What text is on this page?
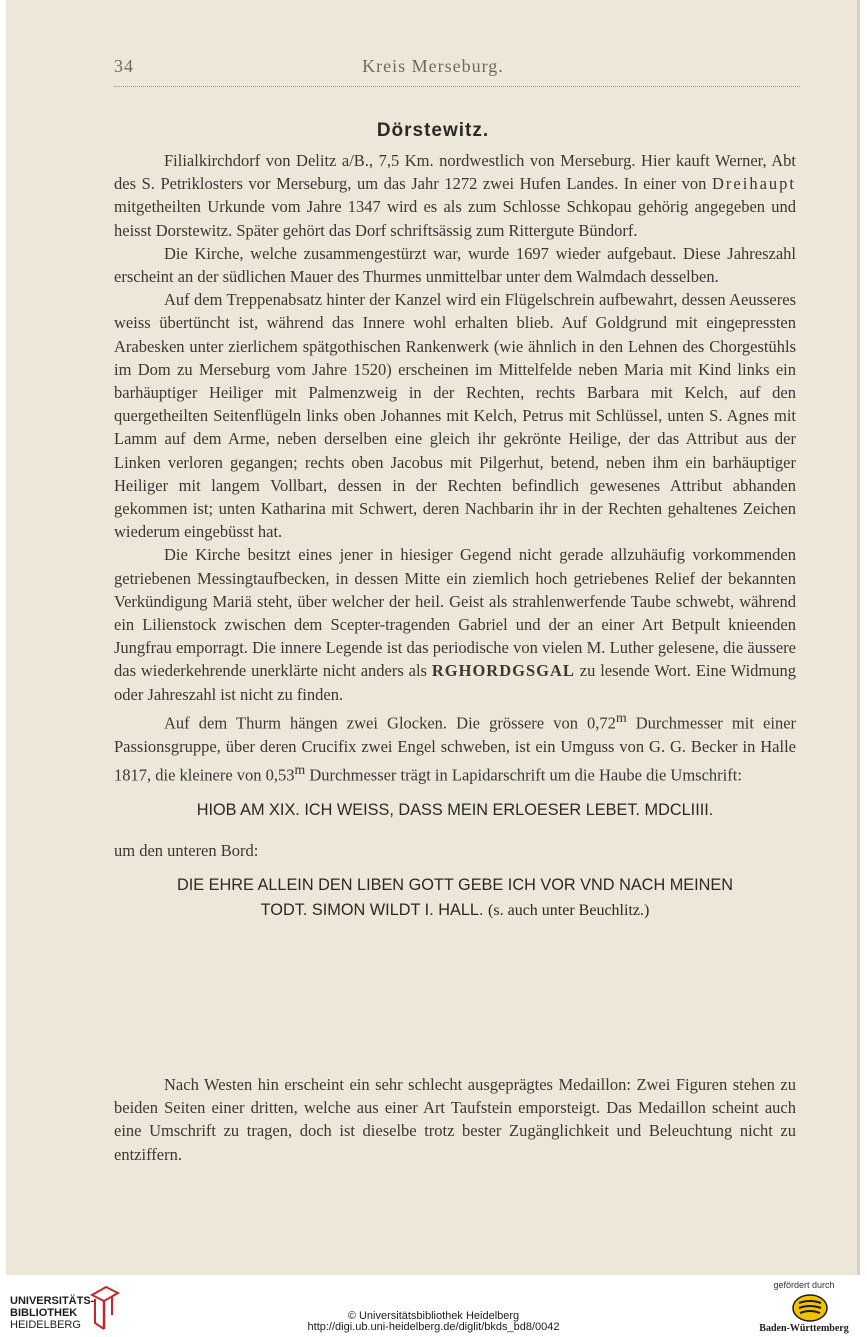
34	Kreis Merseburg.
Dörstewitz.

Filialkirchdorf von Delitz a/B., 7,5 Km. nordwestlich von Merseburg. Hier kauft Werner, Abt des S. Petriklosters vor Merseburg, um das Jahr 1272 zwei Hufen Landes. In einer von Dreihaupt mitgetheilten Urkunde vom Jahre 1347 wird es als zum Schlosse Schkopau gehörig angegeben und heisst Dorstewitz. Später gehört das Dorf schriftsässig zum Rittergute Bündorf.

Die Kirche, welche zusammengestürzt war, wurde 1697 wieder aufgebaut. Diese Jahreszahl erscheint an der südlichen Mauer des Thurmes unmittelbar unter dem Walmdach desselben.

Auf dem Treppenabsatz hinter der Kanzel wird ein Flügelschrein aufbewahrt, dessen Aeusseres weiss übertüncht ist, während das Innere wohl erhalten blieb. Auf Goldgrund mit eingepressten Arabesken unter zierlichem spätgothischen Rankenwerk (wie ähnlich in den Lehnen des Chorgestühls im Dom zu Merseburg vom Jahre 1520) erscheinen im Mittelfelde neben Maria mit Kind links ein barhäuptiger Heiliger mit Palmenzweig in der Rechten, rechts Barbara mit Kelch, auf den quergetheilten Seitenflügeln links oben Johannes mit Kelch, Petrus mit Schlüssel, unten S. Agnes mit Lamm auf dem Arme, neben derselben eine gleich ihr gekrönte Heilige, der das Attribut aus der Linken verloren gegangen; rechts oben Jacobus mit Pilgerhut, betend, neben ihm ein barhäuptiger Heiliger mit langem Vollbart, dessen in der Rechten befindlich gewesenes Attribut abhanden gekommen ist; unten Katharina mit Schwert, deren Nachbarin ihr in der Rechten gehaltenes Zeichen wiederum eingebüsst hat.

Die Kirche besitzt eines jener in hiesiger Gegend nicht gerade allzuhäufig vorkommenden getriebenen Messingtaufbecken, in dessen Mitte ein ziemlich hoch getriebenes Relief der bekannten Verkündigung Mariä steht, über welcher der heil. Geist als strahlenwerfende Taube schwebt, während ein Lilienstock zwischen dem Scepter-tragenden Gabriel und der an einer Art Betpult knieenden Jungfrau emporragt. Die innere Legende ist das periodische von vielen M. Luther gelesene, die äussere das wiederkehrende unerklärte nicht anders als RGHORDGSGAL zu lesende Wort. Eine Widmung oder Jahreszahl ist nicht zu finden.

Auf dem Thurm hängen zwei Glocken. Die grössere von 0,72$^m$ Durchmesser mit einer Passionsgruppe, über deren Crucifix zwei Engel schweben, ist ein Umguss von G. G. Becker in Halle 1817, die kleinere von 0,53$^m$ Durchmesser trägt in Lapidarschrift um die Haube die Umschrift:

HIOB AM XIX. ICH WEISS, DASS MEIN ERLOESER LEBET. MDCLIIII.

um den unteren Bord:

DIE EHRE ALLEIN DEN LIBEN GOTT GEBE ICH VOR VND NACH MEINEN

TODT. SIMON WILDT I. HALL. (s. auch unter Beuchlitz.)

Nach Westen hin erscheint ein sehr schlecht ausgeprägtes Medaillon: Zwei Figuren stehen zu beiden Seiten einer dritten, welche aus einer Art Taufstein emporsteigt. Das Medaillon scheint auch eine Umschrift zu tragen, doch ist dieselbe trotz bester Zugänglichkeit und Beleuchtung nicht zu entziffern.

UNIVERSITÄTS-
BIBLIOTHEK
HEIDELBERG
© Universitätsbibliothek Heidelberg
http://digi.ub.uni-heidelberg.de/diglit/bkds_bd8/0042
gefördert durch
Baden-Württemberg
